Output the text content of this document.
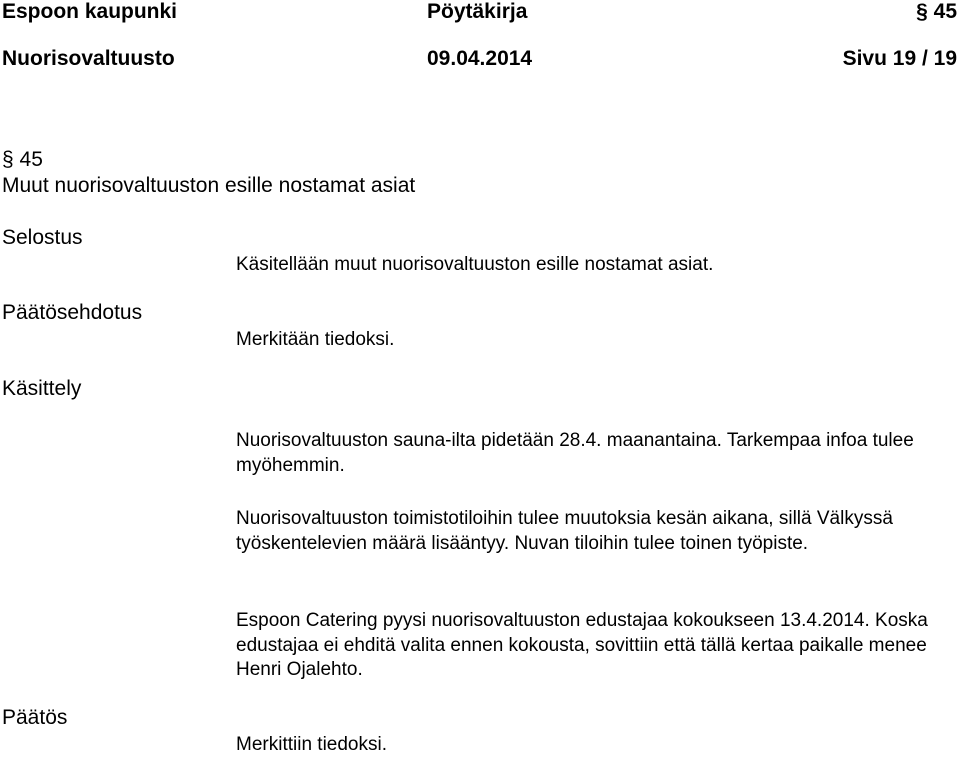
Espoon kaupunki	Pöytäkirja	§ 45
Nuorisovaltuusto	09.04.2014	Sivu 19 / 19
§ 45
Muut nuorisovaltuuston esille nostamat asiat
Selostus
Käsitellään muut nuorisovaltuuston esille nostamat asiat.
Päätösehdotus
Merkitään tiedoksi.
Käsittely
Nuorisovaltuuston sauna-ilta pidetään 28.4. maanantaina. Tarkempaa infoa tulee myöhemmin.
Nuorisovaltuuston toimistotiloihin tulee muutoksia kesän aikana, sillä Välkyssä työskentelevien määrä lisääntyy. Nuvan tiloihin tulee toinen työpiste.
Espoon Catering pyysi nuorisovaltuuston edustajaa kokoukseen 13.4.2014. Koska edustajaa ei ehditä valita ennen kokousta, sovittiin että tällä kertaa paikalle menee Henri Ojalehto.
Päätös
Merkittiin tiedoksi.
